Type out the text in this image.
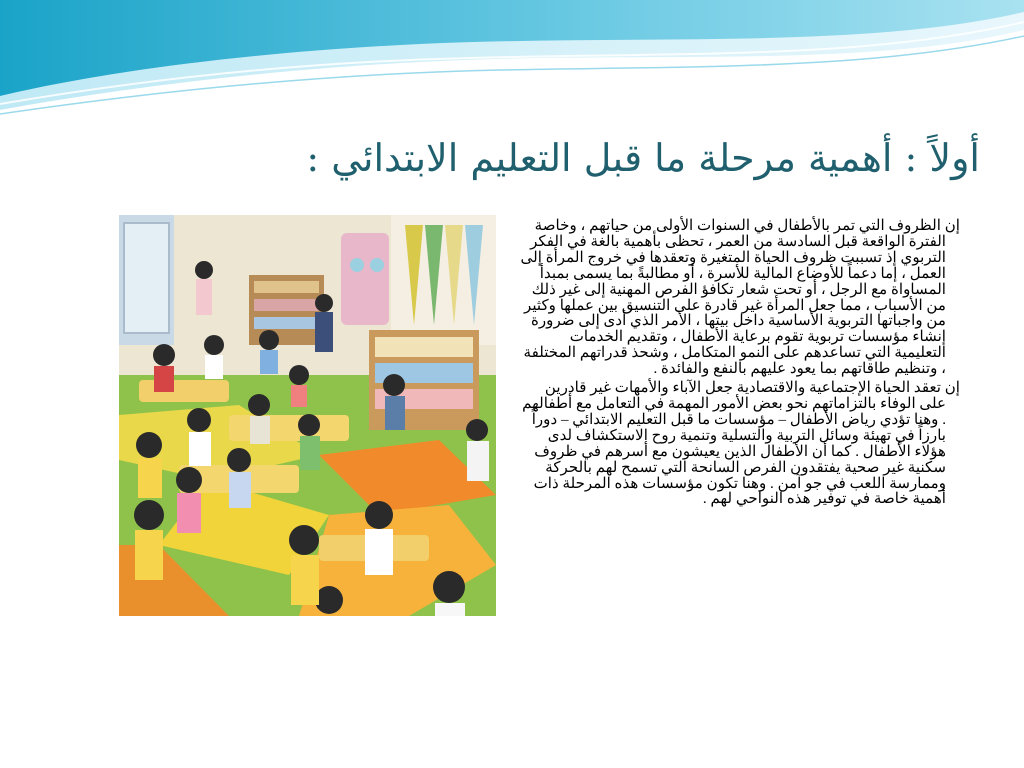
أولاً : أهمية مرحلة ما قبل التعليم الابتدائي :

إن الظروف التي تمر بالأطفال في السنوات الأولى من حياتهم ، وخاصة الفترة الواقعة قبل السادسة من العمر ، تحظى بأهمية بالغة في الفكر التربوي إذ تسببت ظروف الحياة المتغيرة وتعقدها في خروج المرأة إلى العمل ، إما دعماً للأوضاع المالية للأسرة ، أو مطالبةً بما يسمى بمبدأ المساواة مع الرجل ، أو تحت شعار تكافؤ الفرص المهنية إلى غير ذلك من الأسباب ، مما جعل المرأة غير قادرة على التنسيق بين عملها وكثير من واجباتها التربوية الأساسية داخل بيتها ، الأمر الذي أدى إلى ضرورة إنشاء مؤسسات تربوية تقوم برعاية الأطفال ، وتقديم الخدمات التعليمية التي تساعدهم على النمو المتكامل ، وشحذ قدراتهم المختلفة ، وتنظيم طاقاتهم بما يعود عليهم بالنفع والفائدة .

إن تعقد الحياة الإجتماعية والاقتصادية جعل الآباء والأمهات غير قادرين على الوفاء بالتزاماتهم نحو بعض الأمور المهمة في التعامل مع أطفالهم . وهنا تؤدي رياض الأطفال – مؤسسات ما قبل التعليم الابتدائي – دوراً بارزاً في تهيئة وسائل التربية والتسلية وتنمية روح الاستكشاف لدى هؤلاء الأطفال . كما أن الأطفال الذين يعيشون مع أسرهم في ظروف سكنية غير صحية يفتقدون الفرص السانحة التي تسمح لهم بالحركة وممارسة اللعب في جو آمن . وهنا تكون مؤسسات هذه المرحلة ذات أهمية خاصة في توفير هذه النواحي لهم .
